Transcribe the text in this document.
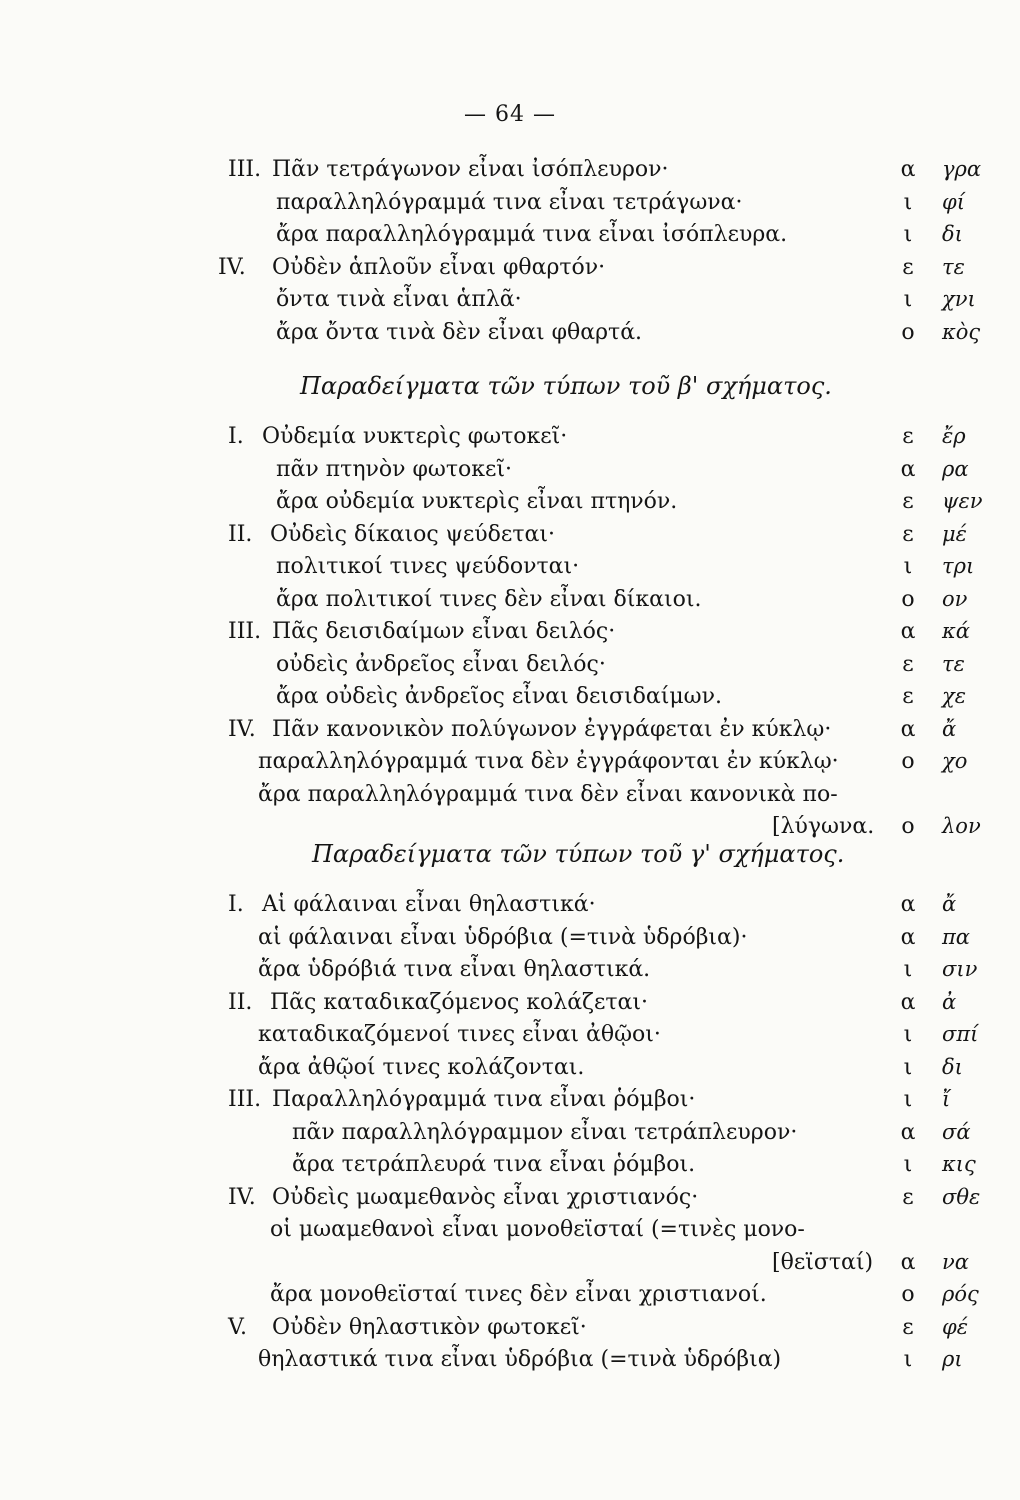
— 64 —
III. Πᾶν τετράγωνον εἶναι ἰσόπλευρον·	α γρα
παραλληλόγραμμά τινα εἶναι τετράγωνα·	ι φί
ἄρα παραλληλόγραμμά τινα εἶναι ἰσόπλευρα.	ι δι
IV. Οὐδὲν ἁπλοῦν εἶναι φθαρτόν·	ε τε
ὄντα τινὰ εἶναι ἁπλᾶ·	ι χνι
ἄρα ὄντα τινὰ δὲν εἶναι φθαρτά.	ο κὸς
Παραδείγματα τῶν τύπων τοῦ β' σχήματος.
I. Οὐδεμία νυκτερὶς φωτοκεῖ·	ε ἔρ
πᾶν πτηνὸν φωτοκεῖ·	α ρα
ἄρα οὐδεμία νυκτερὶς εἶναι πτηνόν.	ε ψεν
II. Οὐδεὶς δίκαιος ψεύδεται·	ε μέ
πολιτικοί τινες ψεύδονται·	ι τρι
ἄρα πολιτικοί τινες δὲν εἶναι δίκαιοι.	ο ον
III. Πᾶς δεισιδαίμων εἶναι δειλός·	α κά
οὐδεὶς ἀνδρεῖος εἶναι δειλός·	ε τε
ἄρα οὐδεὶς ἀνδρεῖος εἶναι δεισιδαίμων.	ε χε
IV. Πᾶν κανονικὸν πολύγωνον ἐγγράφεται ἐν κύκλῳ·	α ἄ
παραλληλόγραμμά τινα δὲν ἐγγράφονται ἐν κύκλῳ·	ο χο
ἄρα παραλληλόγραμμά τινα δὲν εἶναι κανονικὰ πο-
[λύγωνα. ο λον
Παραδείγματα τῶν τύπων τοῦ γ' σχήματος.
I. Αἱ φάλαιναι εἶναι θηλαστικά·	α ἄ
αἱ φάλαιναι εἶναι ὑδρόβια (=τινὰ ὑδρόβια)·	α πα
ἄρα ὑδρόβιά τινα εἶναι θηλαστικά.	ι σιν
II. Πᾶς καταδικαζόμενος κολάζεται·	α ἀ
καταδικαζόμενοί τινες εἶναι ἀθῷοι·	ι σπί
ἄρα ἀθῷοί τινες κολάζονται.	ι δι
III. Παραλληλόγραμμά τινα εἶναι ῥόμβοι·	ι ἴ
πᾶν παραλληλόγραμμον εἶναι τετράπλευρον·	α σά
ἄρα τετράπλευρά τινα εἶναι ῥόμβοι.	ι κις
IV. Οὐδεὶς μωαμεθανὸς εἶναι χριστιανός·	ε σθε
οἱ μωαμεθανοὶ εἶναι μονοθεϊσταί (=τινὲς μονο-
[θεϊσταί) α να
ἄρα μονοθεϊσταί τινες δὲν εἶναι χριστιανοί.	ο ρός
V. Οὐδὲν θηλαστικὸν φωτοκεῖ·	ε φέ
θηλαστικά τινα εἶναι ὑδρόβια (=τινὰ ὑδρόβια)	ι ρι
